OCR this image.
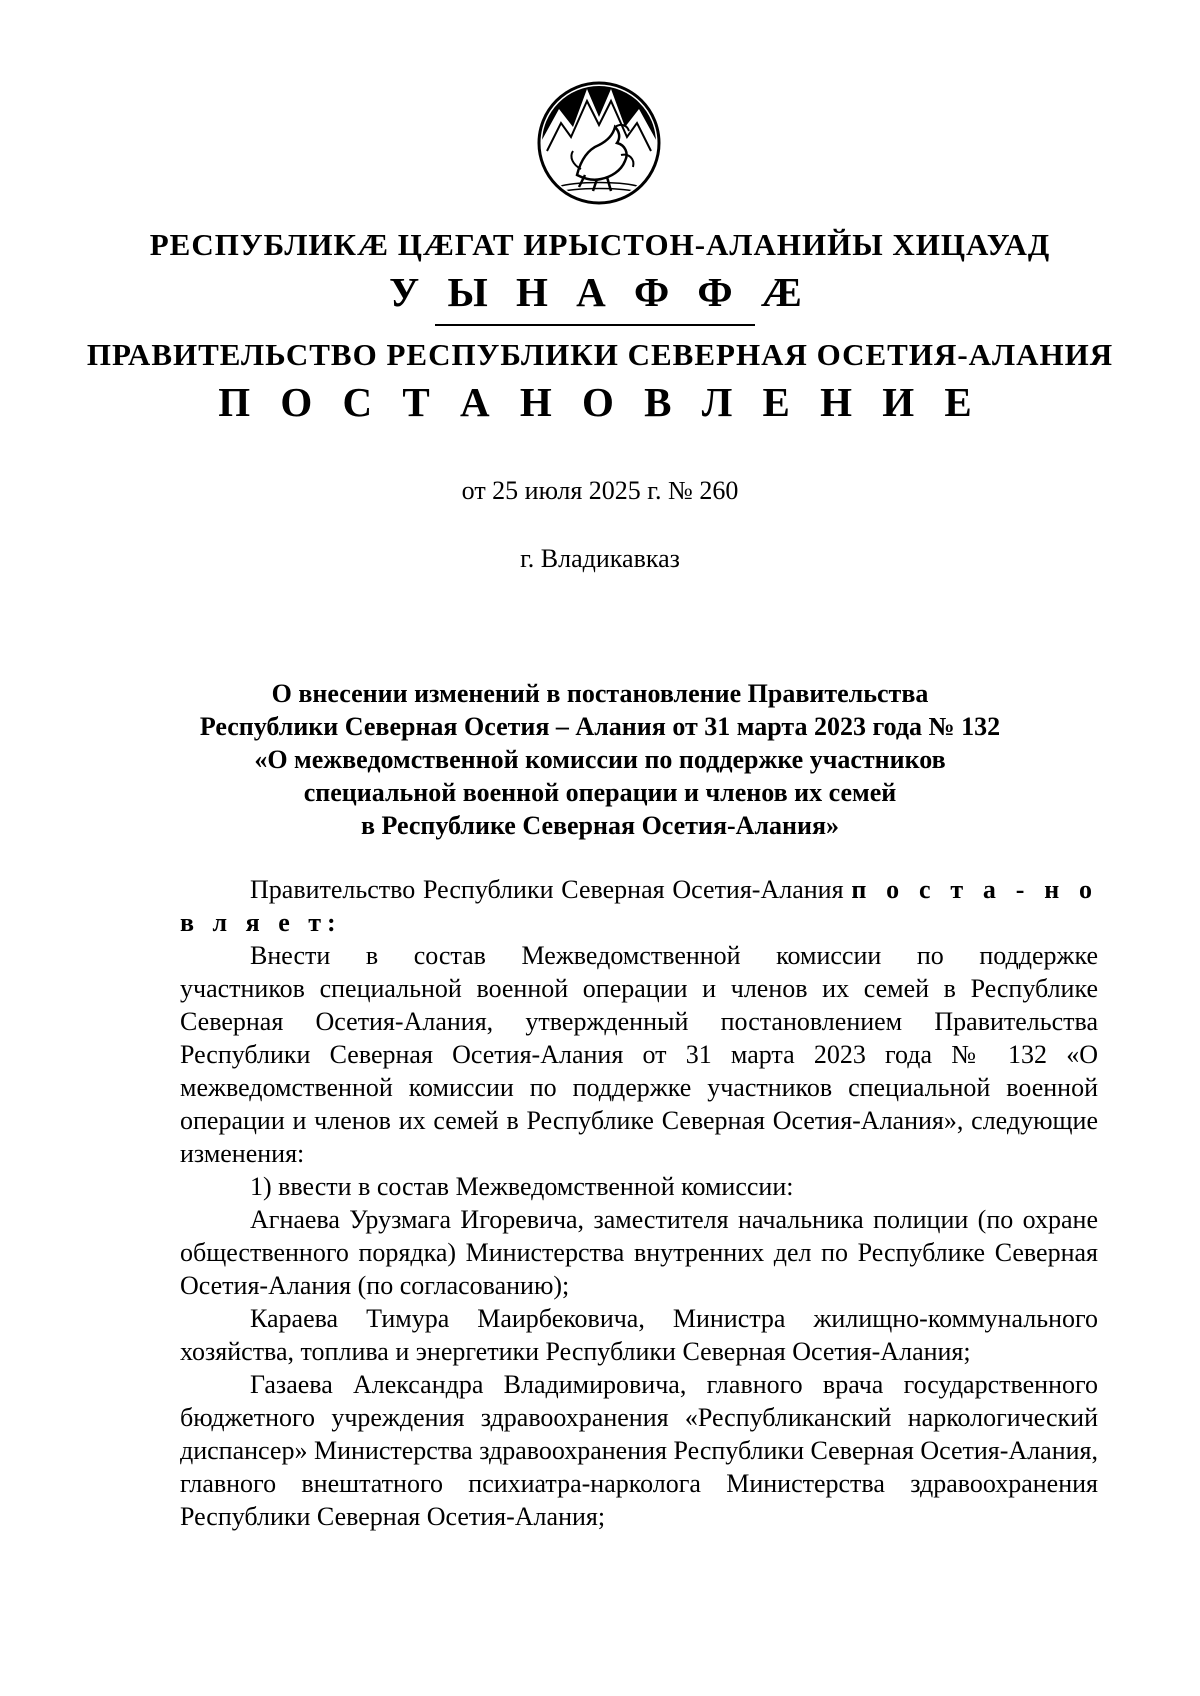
РЕСПУБЛИКӔ ЦӔГАТ ИРЫСТОН-АЛАНИЙЫ ХИЦАУАД
У Ы Н А Ф Ф Ӕ
ПРАВИТЕЛЬСТВО РЕСПУБЛИКИ СЕВЕРНАЯ ОСЕТИЯ-АЛАНИЯ
П О С Т А Н О В Л Е Н И Е
от 25 июля 2025 г. № 260
г. Владикавказ
О внесении изменений в постановление Правительства
Республики Северная Осетия – Алания от 31 марта 2023 года № 132
«О межведомственной комиссии по поддержке участников
специальной военной операции и членов их семей
в Республике Северная Осетия-Алания»
Правительство Республики Северная Осетия-Алания п о с т а - н о в л я е т:
Внести в состав Межведомственной комиссии по поддержке
участников специальной военной операции и членов их семей в Республике Северная Осетия-Алания, утвержденный постановлением Правительства Республики Северная Осетия-Алания от 31 марта 2023 года № 132 «О межведомственной комиссии по поддержке участников специальной военной операции и членов их семей в Республике Северная Осетия-Алания», следующие изменения:
1) ввести в состав Межведомственной комиссии:
Агнаева Урузмага Игоревича, заместителя начальника полиции (по охране общественного порядка) Министерства внутренних дел по Республике Северная Осетия-Алания (по согласованию);
Караева Тимура Маирбековича, Министра жилищно-коммунального хозяйства, топлива и энергетики Республики Северная Осетия-Алания;
Газаева Александра Владимировича, главного врача государственного бюджетного учреждения здравоохранения «Республиканский наркологический диспансер» Министерства здравоохранения Республики Северная Осетия-Алания, главного внештатного психиатра-нарколога Министерства здравоохранения Республики Северная Осетия-Алания;
